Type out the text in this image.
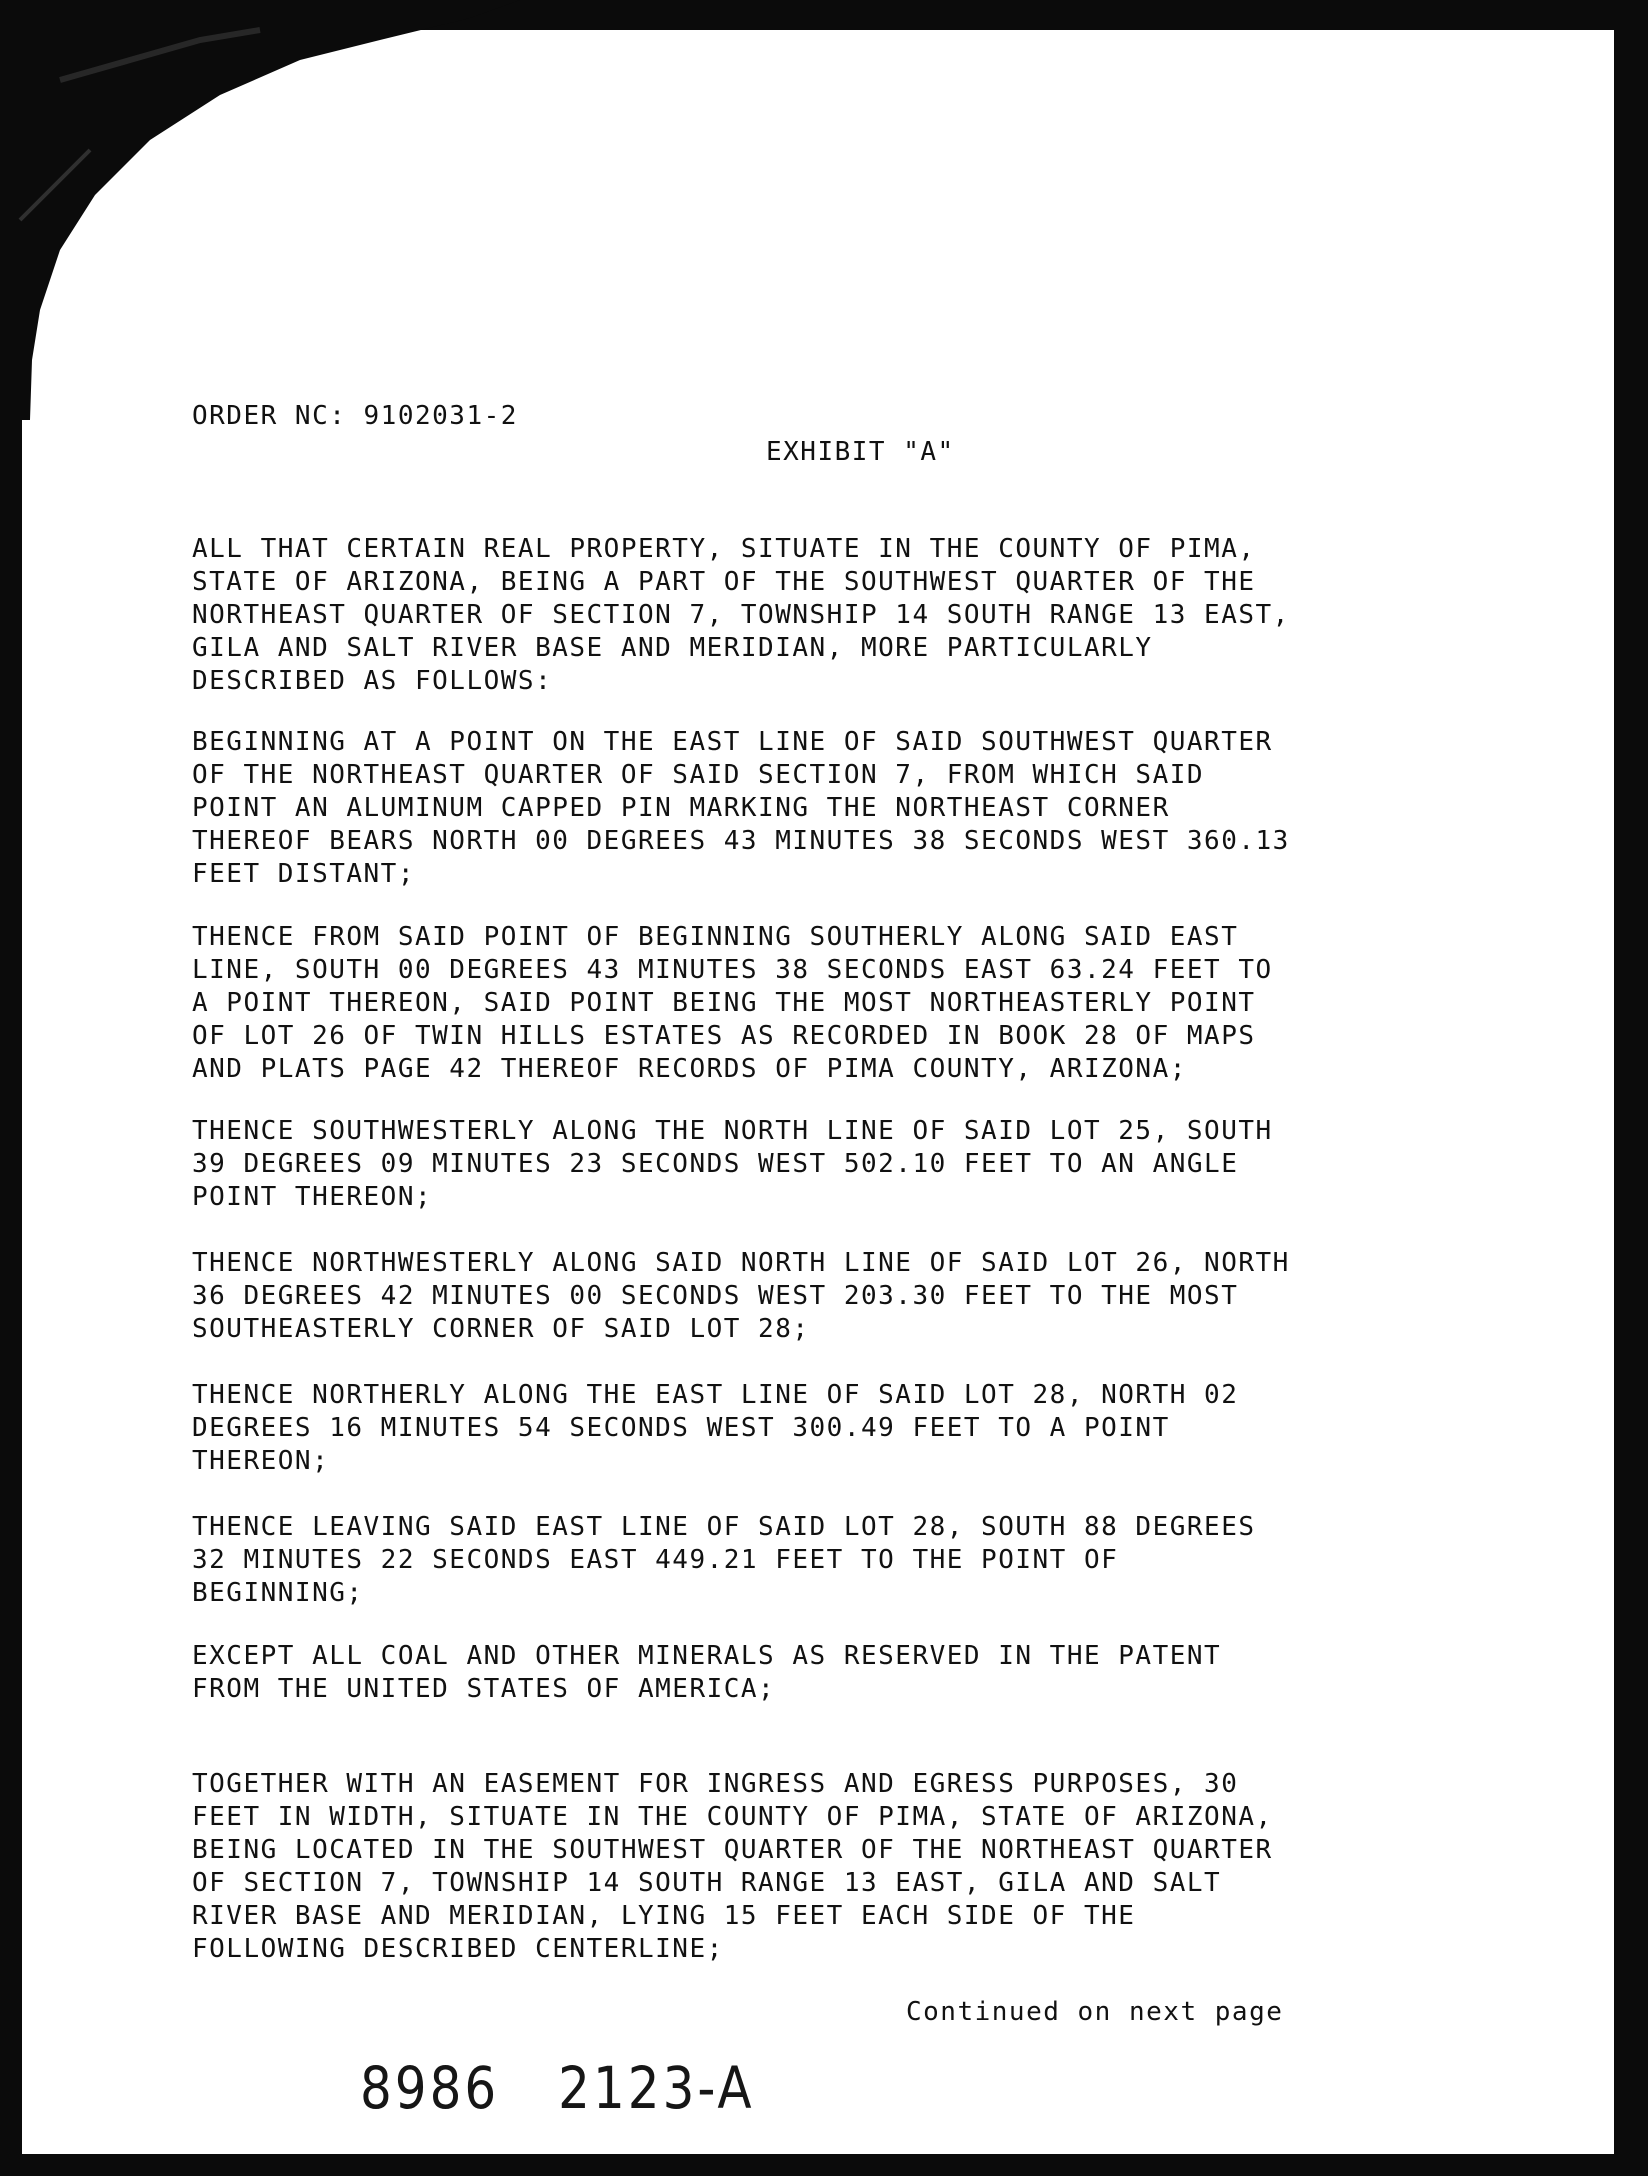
ORDER NC: 9102031-2
EXHIBIT "A"
ALL THAT CERTAIN REAL PROPERTY, SITUATE IN THE COUNTY OF PIMA,
STATE OF ARIZONA, BEING A PART OF THE SOUTHWEST QUARTER OF THE
NORTHEAST QUARTER OF SECTION 7, TOWNSHIP 14 SOUTH RANGE 13 EAST,
GILA AND SALT RIVER BASE AND MERIDIAN, MORE PARTICULARLY
DESCRIBED AS FOLLOWS:
BEGINNING AT A POINT ON THE EAST LINE OF SAID SOUTHWEST QUARTER
OF THE NORTHEAST QUARTER OF SAID SECTION 7, FROM WHICH SAID
POINT AN ALUMINUM CAPPED PIN MARKING THE NORTHEAST CORNER
THEREOF BEARS NORTH 00 DEGREES 43 MINUTES 38 SECONDS WEST 360.13
FEET DISTANT;
THENCE FROM SAID POINT OF BEGINNING SOUTHERLY ALONG SAID EAST
LINE, SOUTH 00 DEGREES 43 MINUTES 38 SECONDS EAST 63.24 FEET TO
A POINT THEREON, SAID POINT BEING THE MOST NORTHEASTERLY POINT
OF LOT 26 OF TWIN HILLS ESTATES AS RECORDED IN BOOK 28 OF MAPS
AND PLATS PAGE 42 THEREOF RECORDS OF PIMA COUNTY, ARIZONA;
THENCE SOUTHWESTERLY ALONG THE NORTH LINE OF SAID LOT 25, SOUTH
39 DEGREES 09 MINUTES 23 SECONDS WEST 502.10 FEET TO AN ANGLE
POINT THEREON;
THENCE NORTHWESTERLY ALONG SAID NORTH LINE OF SAID LOT 26, NORTH
36 DEGREES 42 MINUTES 00 SECONDS WEST 203.30 FEET TO THE MOST
SOUTHEASTERLY CORNER OF SAID LOT 28;
THENCE NORTHERLY ALONG THE EAST LINE OF SAID LOT 28, NORTH 02
DEGREES 16 MINUTES 54 SECONDS WEST 300.49 FEET TO A POINT
THEREON;
THENCE LEAVING SAID EAST LINE OF SAID LOT 28, SOUTH 88 DEGREES
32 MINUTES 22 SECONDS EAST 449.21 FEET TO THE POINT OF
BEGINNING;
EXCEPT ALL COAL AND OTHER MINERALS AS RESERVED IN THE PATENT
FROM THE UNITED STATES OF AMERICA;
TOGETHER WITH AN EASEMENT FOR INGRESS AND EGRESS PURPOSES, 30
FEET IN WIDTH, SITUATE IN THE COUNTY OF PIMA, STATE OF ARIZONA,
BEING LOCATED IN THE SOUTHWEST QUARTER OF THE NORTHEAST QUARTER
OF SECTION 7, TOWNSHIP 14 SOUTH RANGE 13 EAST, GILA AND SALT
RIVER BASE AND MERIDIAN, LYING 15 FEET EACH SIDE OF THE
FOLLOWING DESCRIBED CENTERLINE;
Continued on next page
8986 2123-A
